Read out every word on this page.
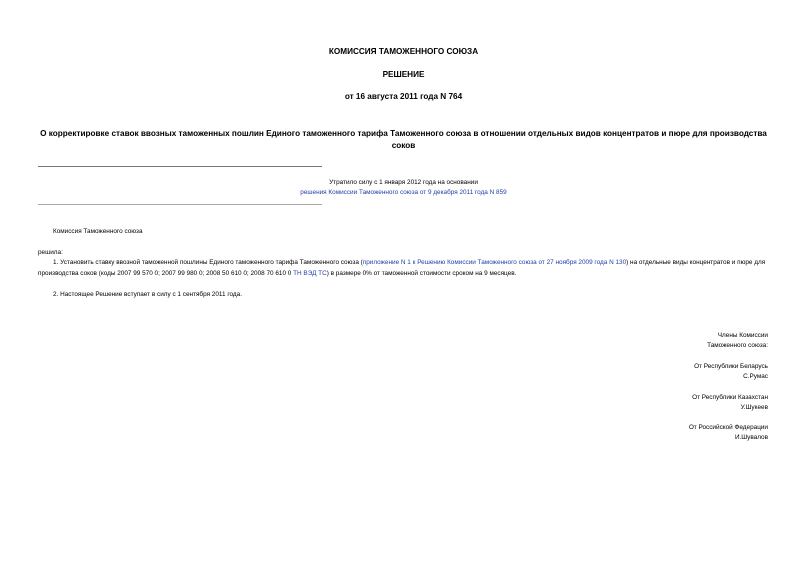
КОМИССИЯ ТАМОЖЕННОГО СОЮЗА
РЕШЕНИЕ
от 16 августа 2011 года N 764
О корректировке ставок ввозных таможенных пошлин Единого таможенного тарифа Таможенного союза в отношении отдельных видов концентратов и пюре для производства соков
Утратило силу с 1 января 2012 года на основании
решения Комиссии Таможенного союза от 9 декабря 2011 года N 859
Комиссия Таможенного союза
решила:
1. Установить ставку ввозной таможенной пошлины Единого таможенного тарифа Таможенного союза (приложение N 1 к Решению Комиссии Таможенного союза от 27 ноября 2009 года N 130) на отдельные виды концентратов и пюре для производства соков (коды 2007 99 570 0; 2007 99 980 0; 2008 50 610 0; 2008 70 610 0 ТН ВЭД ТС) в размере 0% от таможенной стоимости сроком на 9 месяцев.
2. Настоящее Решение вступает в силу с 1 сентября 2011 года.
Члены Комиссии
Таможенного союза:
От Республики Беларусь
С.Румас
От Республики Казахстан
У.Шукеев
От Российской Федерации
И.Шувалов
